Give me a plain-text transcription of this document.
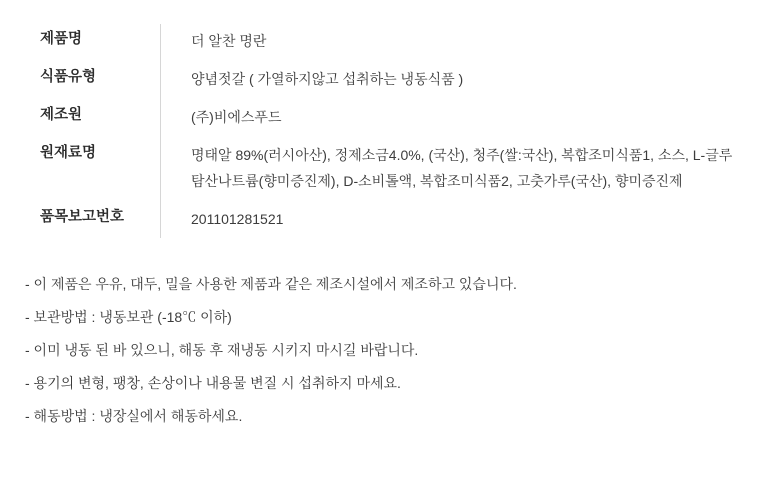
제품명		더 알찬 명란
식품유형		양념젓갈 ( 가열하지않고 섭취하는 냉동식품 )
제조원		(주)비에스푸드
원재료명		명태알 89%(러시아산), 정제소금4.0%, (국산), 청주(쌀:국산), 복합조미식품1, 소스, L-글루탐산나트륨(향미증진제), D-소비톨액, 복합조미식품2, 고춧가루(국산), 향미증진제
품목보고번호		201101281521
- 이 제품은 우유, 대두, 밀을 사용한 제품과 같은 제조시설에서 제조하고 있습니다.
- 보관방법 : 냉동보관 (-18℃ 이하)
- 이미 냉동 된 바 있으니, 해동 후 재냉동 시키지 마시길 바랍니다.
- 용기의 변형, 팽창, 손상이나 내용물 변질 시 섭취하지 마세요.
- 해동방법 : 냉장실에서 해동하세요.
